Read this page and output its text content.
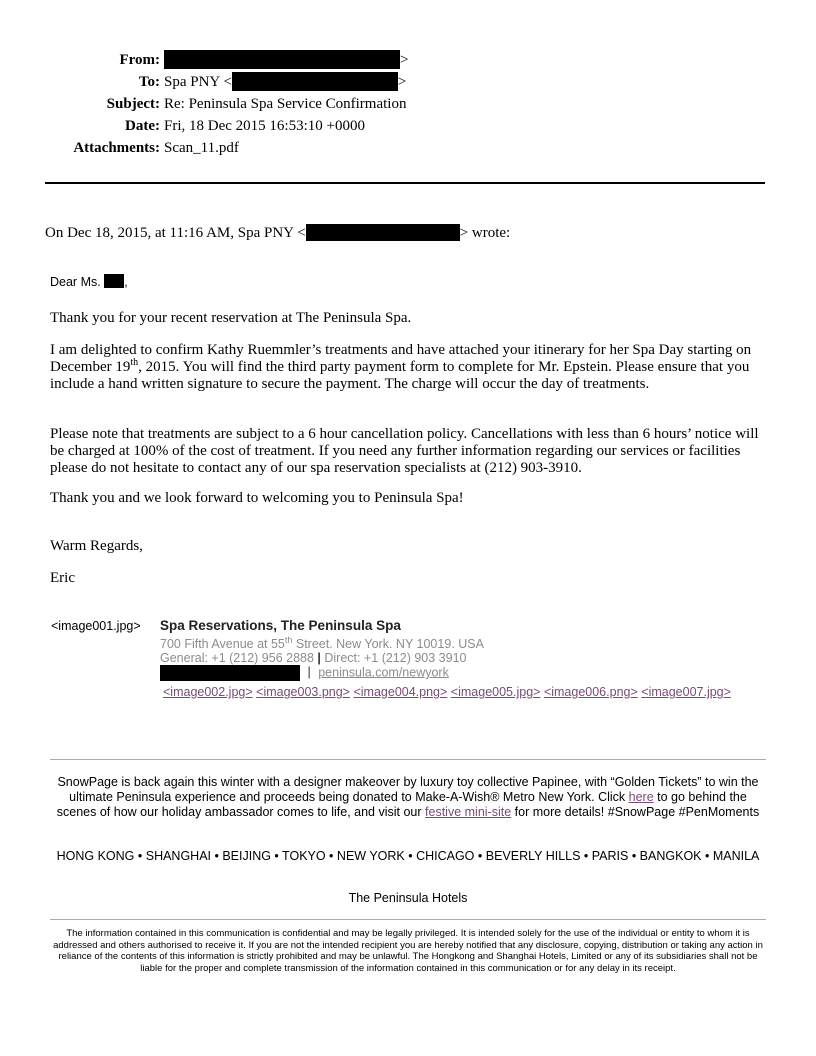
From:	>
To: Spa PNY <	>
Subject: Re: Peninsula Spa Service Confirmation
Date: Fri, 18 Dec 2015 16:53:10 +0000
Attachments: Scan_11.pdf
On Dec 18, 2015, at 11:16 AM, Spa PNY <	> wrote:
Dear Ms. ,
Thank you for your recent reservation at The Peninsula Spa.
I am delighted to confirm Kathy Ruemmler’s treatments and have attached your itinerary for her Spa Day starting on December 19th, 2015. You will find the third party payment form to complete for Mr. Epstein. Please ensure that you include a hand written signature to secure the payment. The charge will occur the day of treatments.
Please note that treatments are subject to a 6 hour cancellation policy. Cancellations with less than 6 hours’ notice will be charged at 100% of the cost of treatment. If you need any further information regarding our services or facilities please do not hesitate to contact any of our spa reservation specialists at (212) 903-3910.
Thank you and we look forward to welcoming you to Peninsula Spa!
Warm Regards,
Eric
<image001.jpg> Spa Reservations, The Peninsula Spa
700 Fifth Avenue at 55th Street. New York. NY 10019. USA
General: +1 (212) 956 2888 | Direct: +1 (212) 903 3910
| peninsula.com/newyork
<image002.jpg> <image003.png> <image004.png> <image005.jpg> <image006.png> <image007.jpg>
SnowPage is back again this winter with a designer makeover by luxury toy collective Papinee, with “Golden Tickets” to win the ultimate Peninsula experience and proceeds being donated to Make-A-Wish® Metro New York. Click here to go behind the scenes of how our holiday ambassador comes to life, and visit our festive mini-site for more details! #SnowPage #PenMoments
HONG KONG • SHANGHAI • BEIJING • TOKYO • NEW YORK • CHICAGO • BEVERLY HILLS • PARIS • BANGKOK • MANILA
The Peninsula Hotels
The information contained in this communication is confidential and may be legally privileged. It is intended solely for the use of the individual or entity to whom it is addressed and others authorised to receive it. If you are not the intended recipient you are hereby notified that any disclosure, copying, distribution or taking any action in reliance of the contents of this information is strictly prohibited and may be unlawful. The Hongkong and Shanghai Hotels, Limited or any of its subsidiaries shall not be liable for the proper and complete transmission of the information contained in this communication or for any delay in its receipt.
